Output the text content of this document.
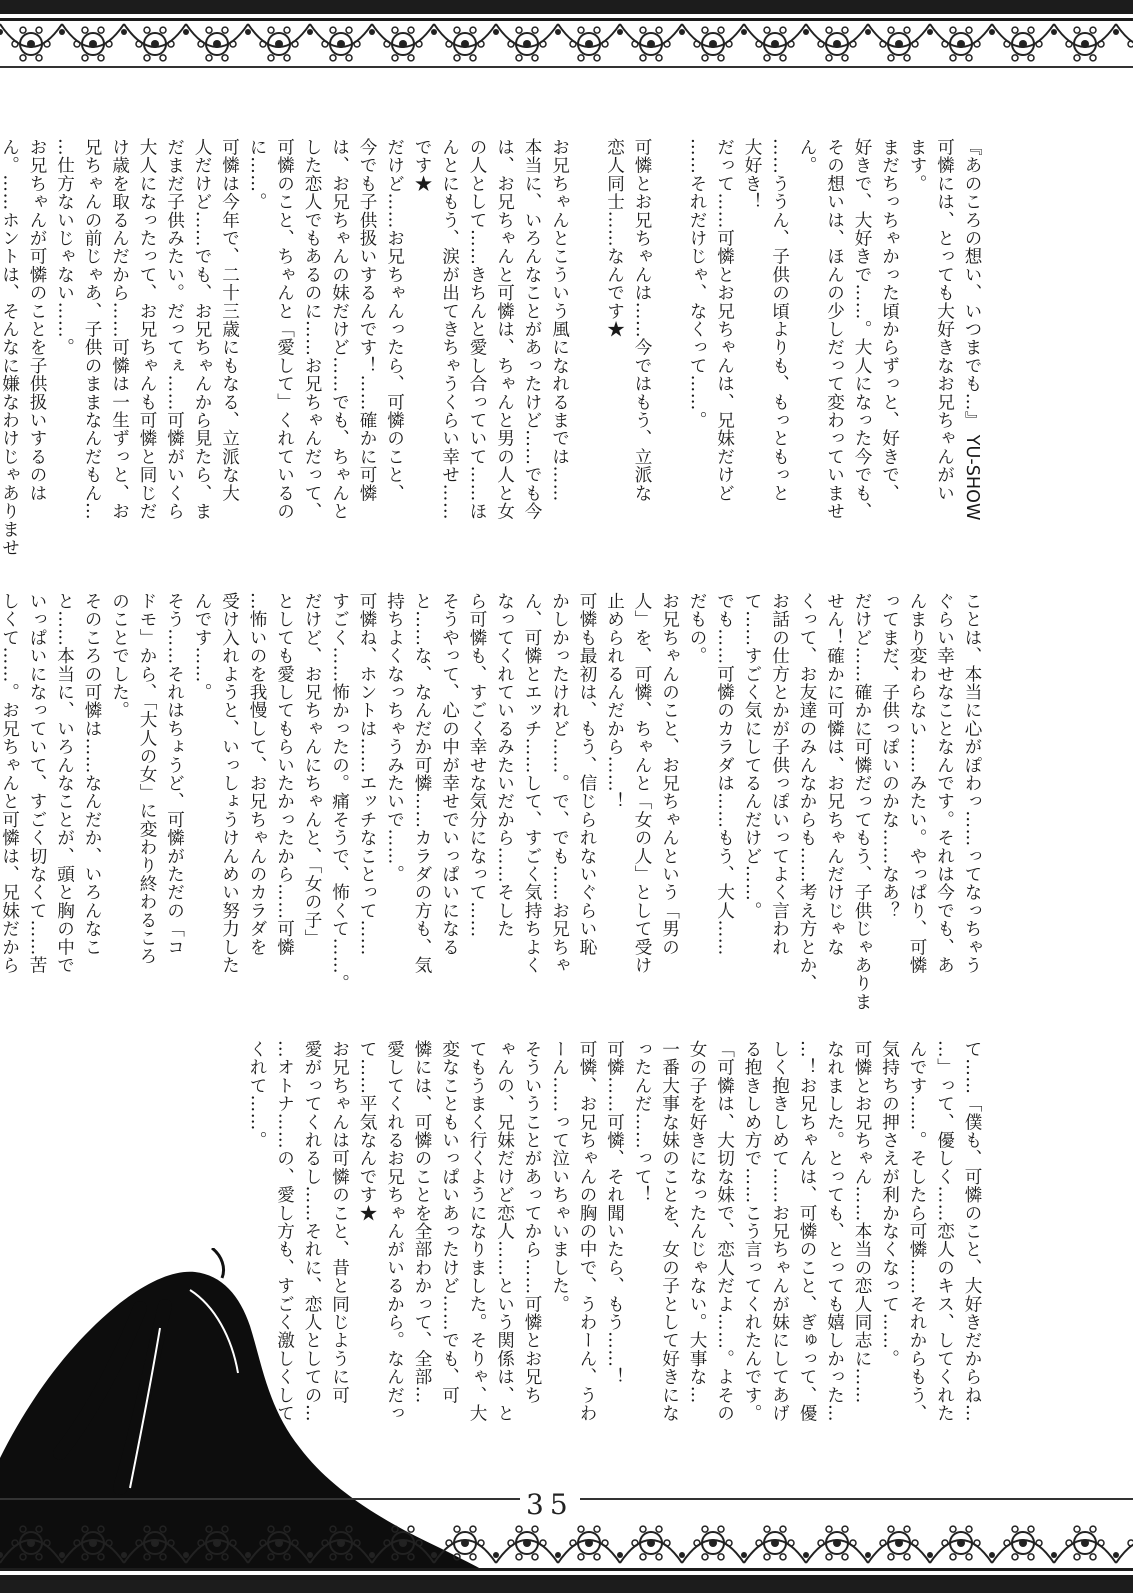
『あのころの想い、いつまでも…』 YU-SHOW
可憐には、とっても大好きなお兄ちゃんがい
ます。
まだちっちゃかった頃からずっと、好きで、
好きで、大好きで……。大人になった今でも、
その想いは、ほんの少しだって変わっていませ
ん。
……ううん、子供の頃よりも、もっともっと
大好き！
だって……可憐とお兄ちゃんは、兄妹だけど
……それだけじゃ、なくって……。

可憐とお兄ちゃんは……今ではもう、立派な
恋人同士……なんです★

お兄ちゃんとこういう風になれるまでは……
本当に、いろんなことがあったけど……でも今
は、お兄ちゃんと可憐は、ちゃんと男の人と女
の人として……きちんと愛し合っていて……ほ
んとにもう、涙が出てきちゃうくらい幸せ……
です★
だけど……お兄ちゃんったら、可憐のこと、
今でも子供扱いするんです！……確かに可憐
は、お兄ちゃんの妹だけど……でも、ちゃんと
した恋人でもあるのに……お兄ちゃんだって、
可憐のこと、ちゃんと「愛して」くれているの
に……。
可憐は今年で、二十三歳にもなる、立派な大
人だけど……でも、お兄ちゃんから見たら、ま
だまだ子供みたい。だってぇ……可憐がいくら
大人になったって、お兄ちゃんも可憐と同じだ
け歳を取るんだから……可憐は一生ずっと、お
兄ちゃんの前じゃあ、子供のままなんだもん…
…仕方ないじゃない……。
お兄ちゃんが可憐のことを子供扱いするのは
ん。……ホントは、そんなに嫌なわけじゃありませ
ことは、本当に心がぽわっ……ってなっちゃう
ぐらい幸せなことなんです。それは今でも、あ
んまり変わらない……みたい。やっぱり、可憐
ってまだ、子供っぽいのかな……なあ？
だけど……確かに可憐だってもう、子供じゃありま
せん！確かに可憐は、お兄ちゃんだけじゃな
くって、お友達のみんなからも……考え方とか、
お話の仕方とかが子供っぽいってよく言われ
て……すごく気にしてるんだけど……。
でも……可憐のカラダは……もう、大人……
だもの。
お兄ちゃんのこと、お兄ちゃんという「男の
人」を、可憐、ちゃんと「女の人」として受け
止められるんだから……！
可憐も最初は、もう、信じられないぐらい恥
かしかったけれど……。で、でも……お兄ちゃ
ん、可憐とエッチ……して、すごく気持ちよく
なってくれているみたいだから……そした
ら可憐も、すごく幸せな気分になって……
そうやって、心の中が幸せでいっぱいになる
と……な、なんだか可憐……カラダの方も、気
持ちよくなっちゃうみたいで……。
可憐ね、ホントは……エッチなことって……
すごく……怖かったの。痛そうで、怖くて……。
だけど、お兄ちゃんにちゃんと、「女の子」
としても愛してもらいたかったから……可憐
…怖いのを我慢して、お兄ちゃんのカラダを
受け入れようと、いっしょうけんめい努力した
んです……。
そう……それはちょうど、可憐がただの「コ
ドモ」から、「大人の女」に変わり終わるころ
のことでした。
そのころの可憐は……なんだか、いろんなこ
と……本当に、いろんなことが、頭と胸の中で
いっぱいになっていて、すごく切なくて……苦
しくて……。お兄ちゃんと可憐は、兄妹だから
て……「僕も、可憐のこと、大好きだからね…
…」って、優しく……恋人のキス、してくれた
んです……。そしたら可憐……それからもう、
気持ちの押さえが利かなくなって……。
可憐とお兄ちゃん……本当の恋人同志に……
なれました。とっても、とっても嬉しかった…
…！お兄ちゃんは、可憐のこと、ぎゅって、優
しく抱きしめて……お兄ちゃんが妹にしてあげ
る抱きしめ方で……こう言ってくれたんです。
「可憐は、大切な妹で、恋人だよ……。よその
女の子を好きになったんじゃない。大事な…
一番大事な妹のことを、女の子として好きにな
ったんだ……って！
可憐……可憐、それ聞いたら、もう……！
可憐、お兄ちゃんの胸の中で、うわーん、うわ
ーん……って泣いちゃいました。
そういうことがあってから……可憐とお兄ち
ゃんの、兄妹だけど恋人……という関係は、と
てもうまく行くようになりました。そりゃ、大
変なこともいっぱいあったけど……でも、可
憐には、可憐のことを全部わかって、全部…
愛してくれるお兄ちゃんがいるから。なんだっ
て……平気なんです★
お兄ちゃんは可憐のこと、昔と同じように可
愛がってくれるし……それに、恋人としての…
…オトナ……の、愛し方も、すごく激しくして
くれて……。
35
